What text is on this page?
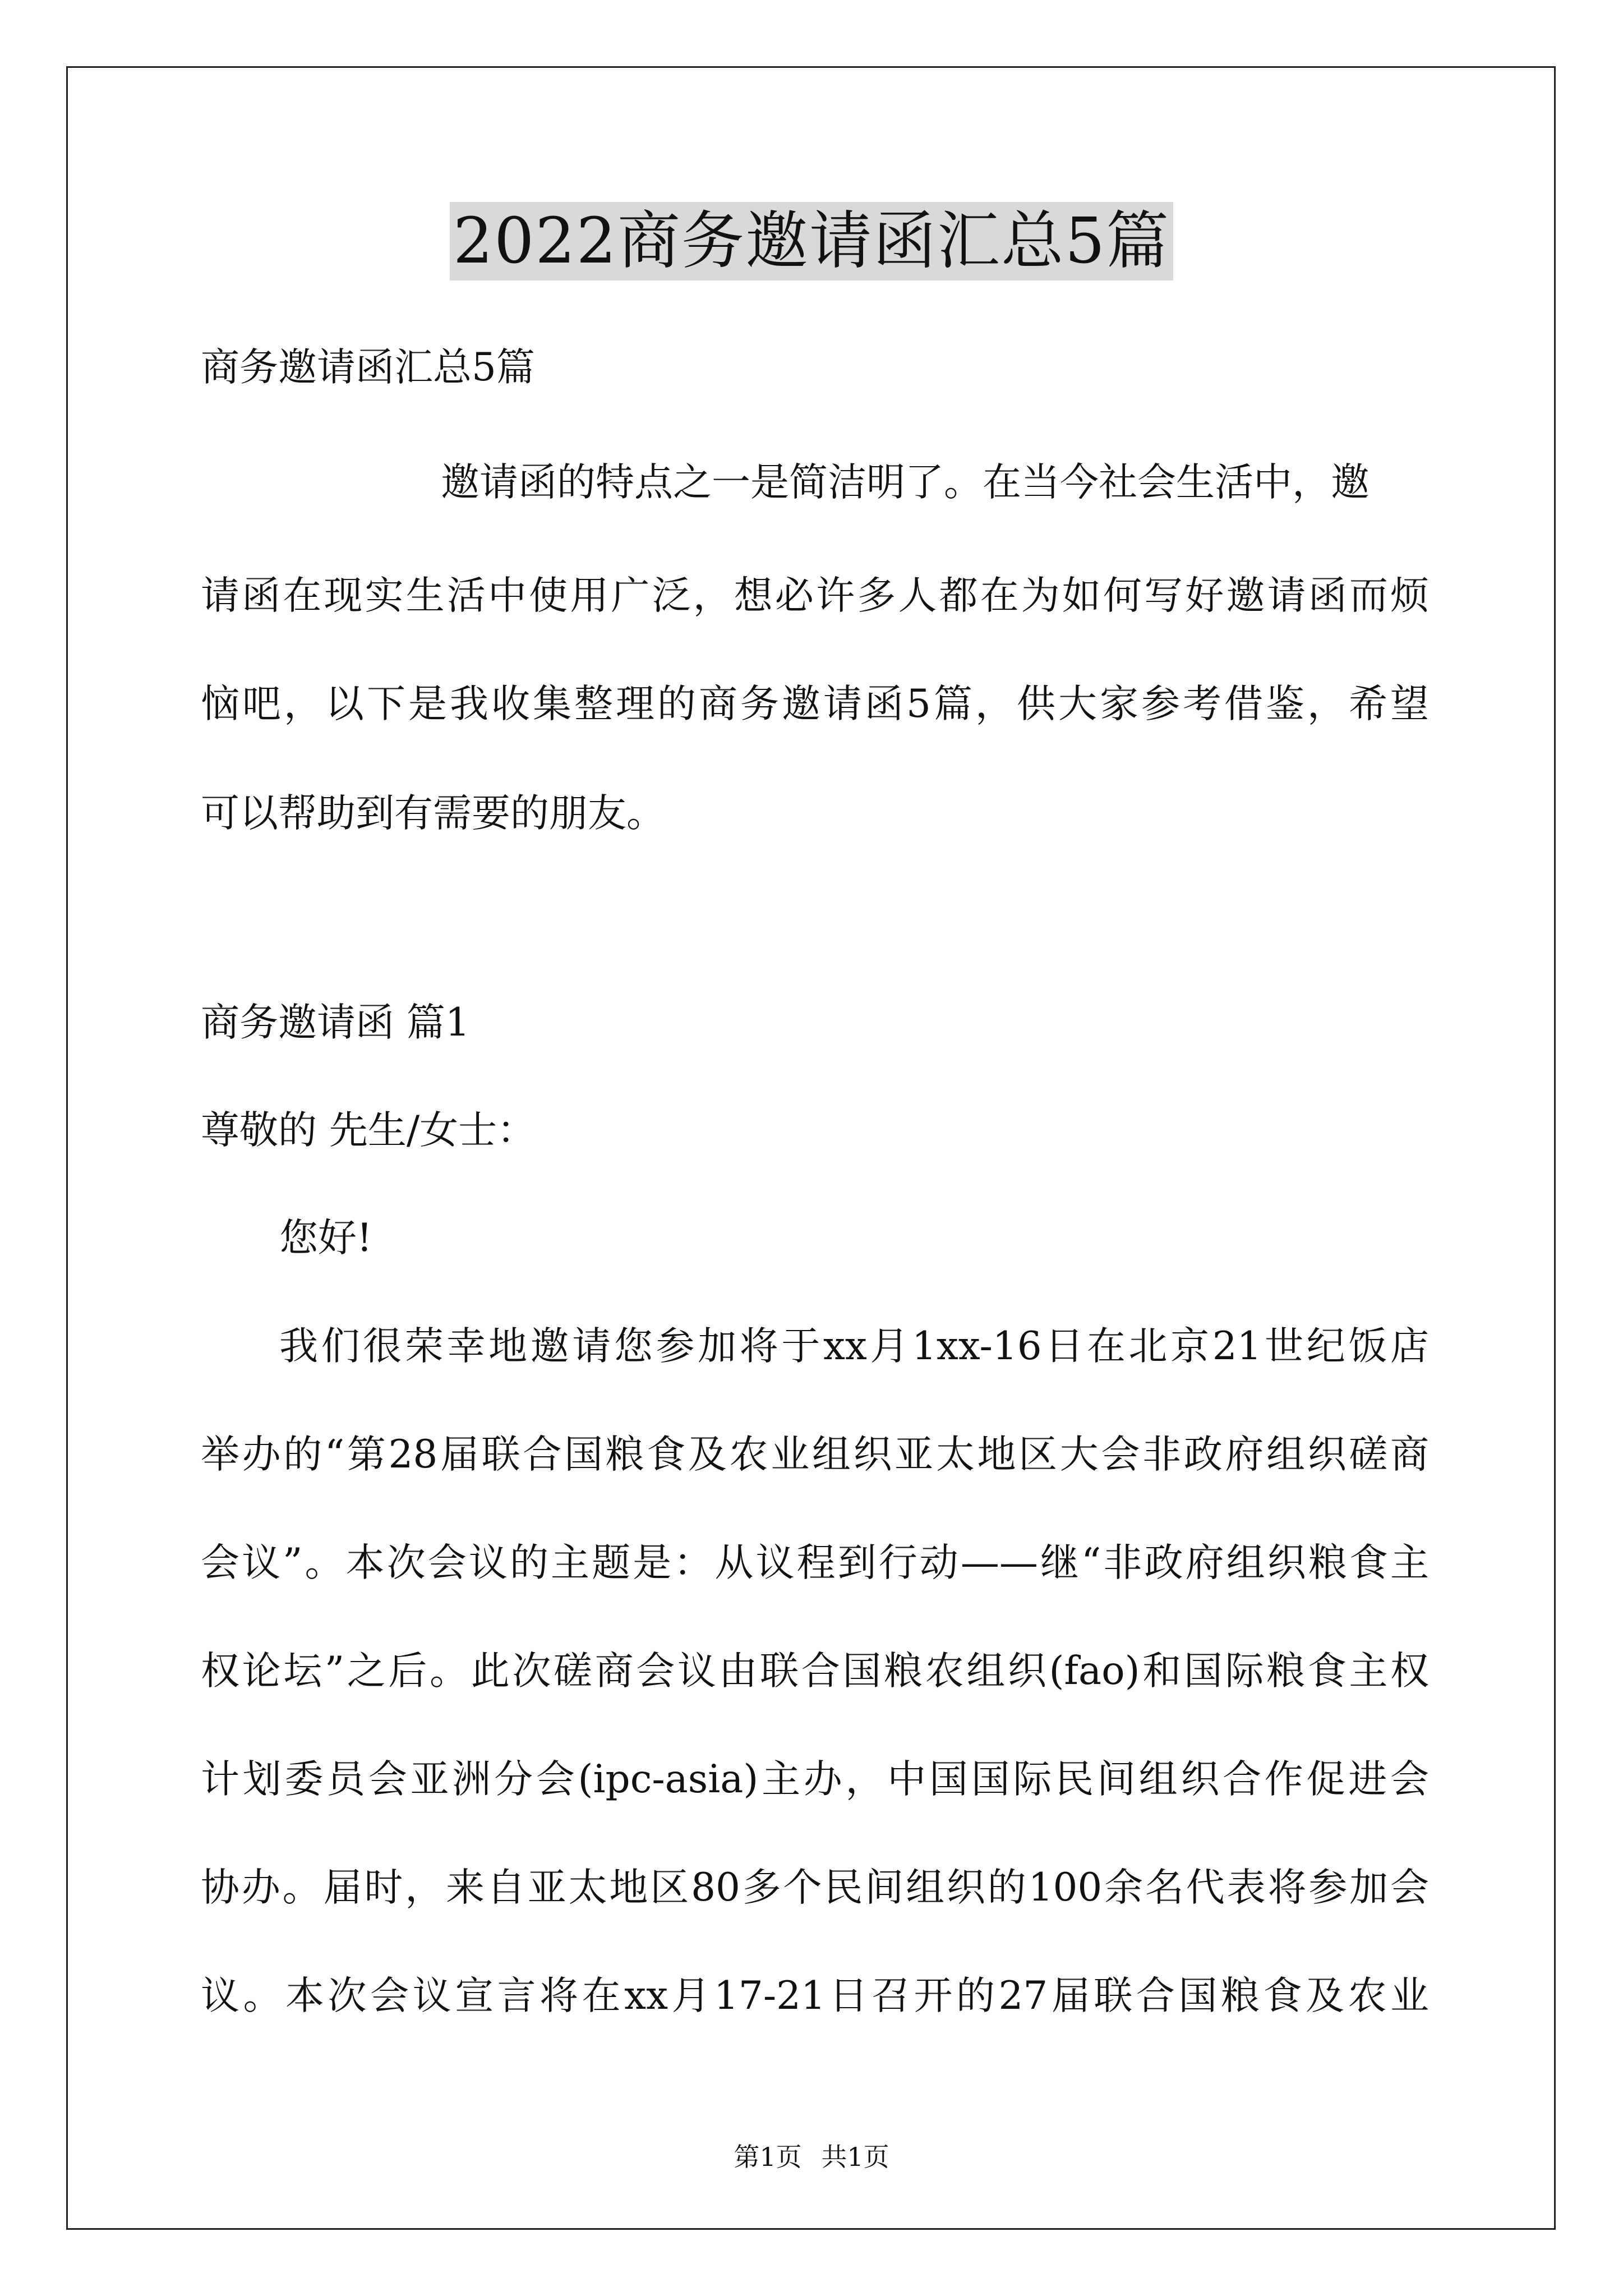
2022商务邀请函汇总5篇
商务邀请函汇总5篇
邀请函的特点之一是简洁明了。在当今社会生活中，邀
请函在现实生活中使用广泛，想必许多人都在为如何写好邀请函而烦
恼吧，以下是我收集整理的商务邀请函5篇，供大家参考借鉴，希望
可以帮助到有需要的朋友。
商务邀请函 篇1
尊敬的 先生/女士：
您好!
我们很荣幸地邀请您参加将于xx月1xx-16日在北京21世纪饭店
举办的“第28届联合国粮食及农业组织亚太地区大会非政府组织磋商
会议”。本次会议的主题是：从议程到行动——继“非政府组织粮食主
权论坛”之后。此次磋商会议由联合国粮农组织(fao)和国际粮食主权
计划委员会亚洲分会(ipc-asia)主办，中国国际民间组织合作促进会
协办。届时，来自亚太地区80多个民间组织的100余名代表将参加会
议。本次会议宣言将在xx月17-21日召开的27届联合国粮食及农业
第1页 共1页
